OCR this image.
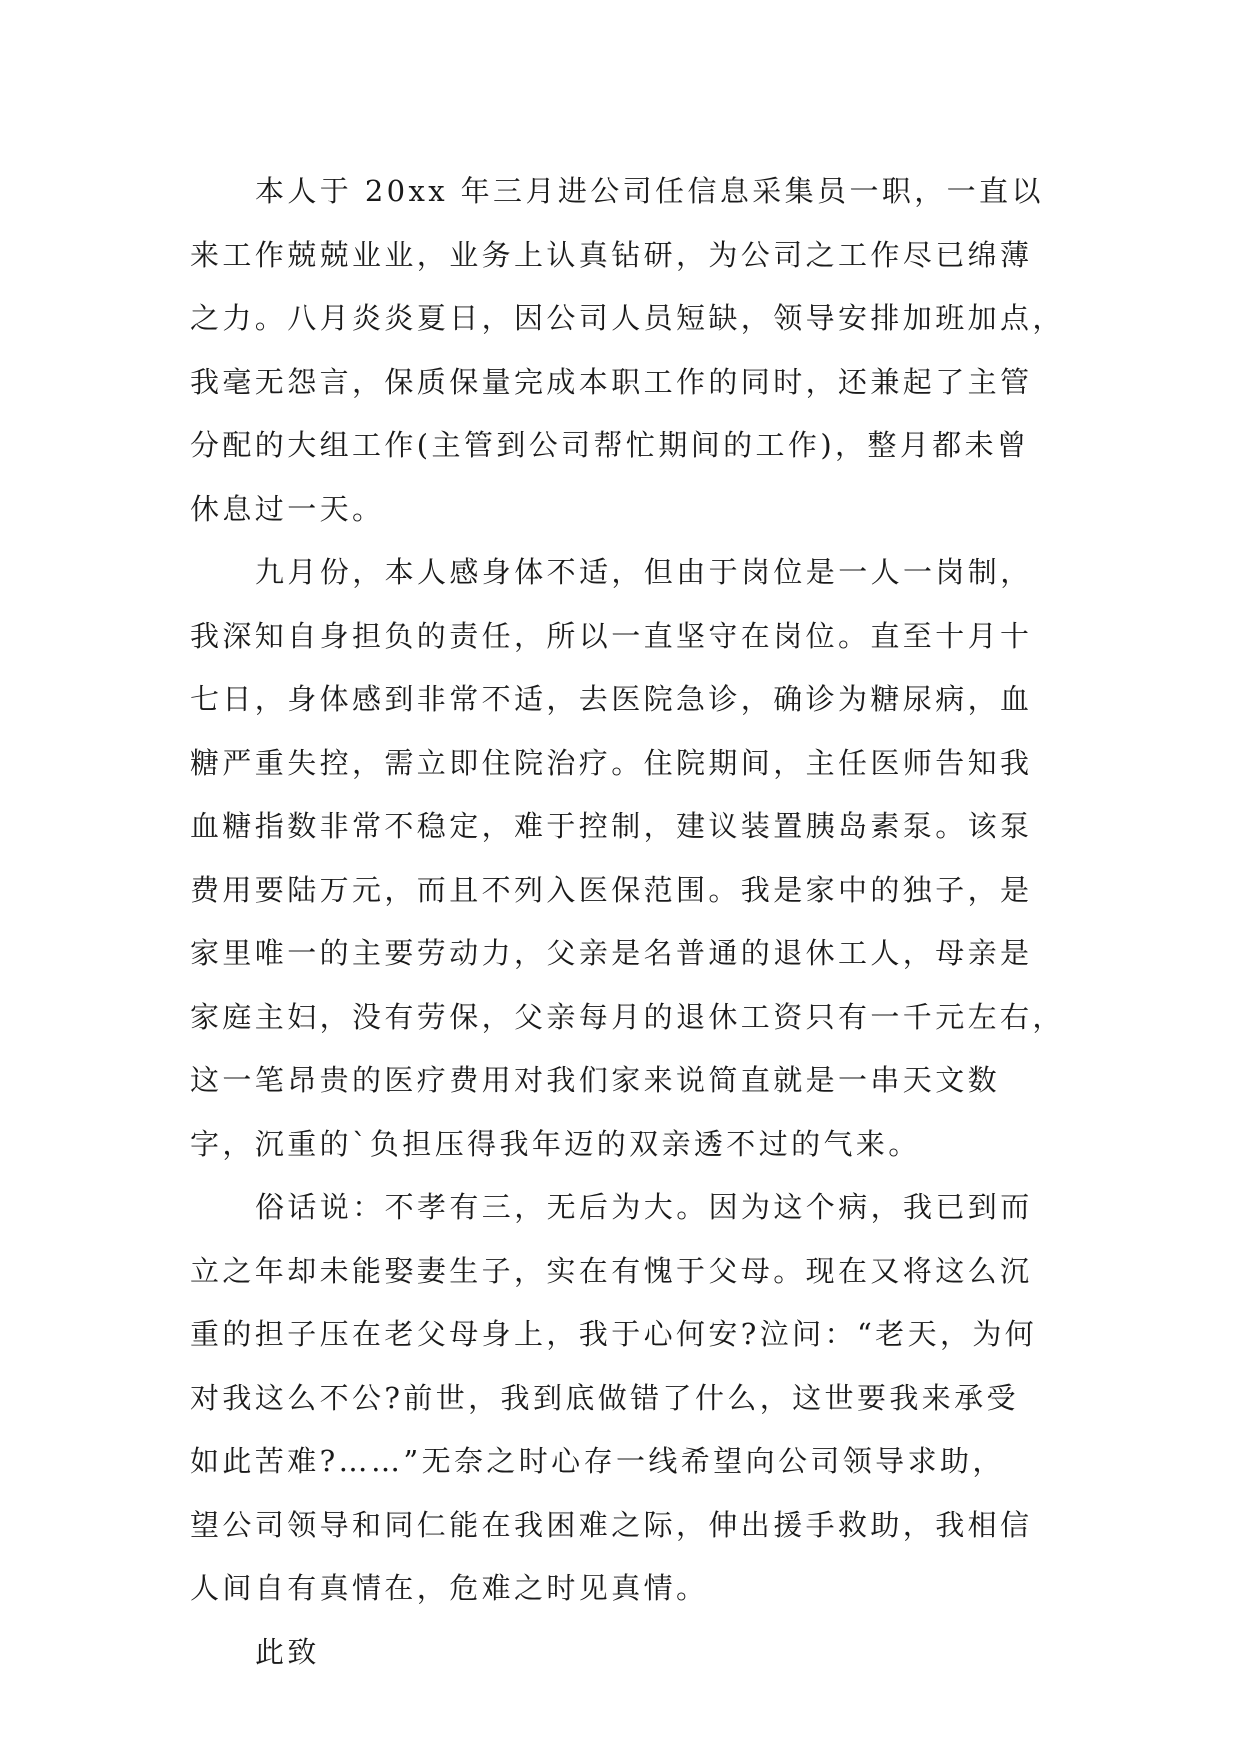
本人于 20xx 年三月进公司任信息采集员一职，一直以
来工作兢兢业业，业务上认真钻研，为公司之工作尽已绵薄
之力。八月炎炎夏日，因公司人员短缺，领导安排加班加点，
我毫无怨言，保质保量完成本职工作的同时，还兼起了主管
分配的大组工作(主管到公司帮忙期间的工作)，整月都未曾
休息过一天。
九月份，本人感身体不适，但由于岗位是一人一岗制，
我深知自身担负的责任，所以一直坚守在岗位。直至十月十
七日，身体感到非常不适，去医院急诊，确诊为糖尿病，血
糖严重失控，需立即住院治疗。住院期间，主任医师告知我
血糖指数非常不稳定，难于控制，建议装置胰岛素泵。该泵
费用要陆万元，而且不列入医保范围。我是家中的独子，是
家里唯一的主要劳动力，父亲是名普通的退休工人，母亲是
家庭主妇，没有劳保，父亲每月的退休工资只有一千元左右，
这一笔昂贵的医疗费用对我们家来说简直就是一串天文数
字，沉重的`负担压得我年迈的双亲透不过的气来。
俗话说：不孝有三，无后为大。因为这个病，我已到而
立之年却未能娶妻生子，实在有愧于父母。现在又将这么沉
重的担子压在老父母身上，我于心何安?泣问：“老天，为何
对我这么不公?前世，我到底做错了什么，这世要我来承受
如此苦难?……”无奈之时心存一线希望向公司领导求助，
望公司领导和同仁能在我困难之际，伸出援手救助，我相信
人间自有真情在，危难之时见真情。
此致
